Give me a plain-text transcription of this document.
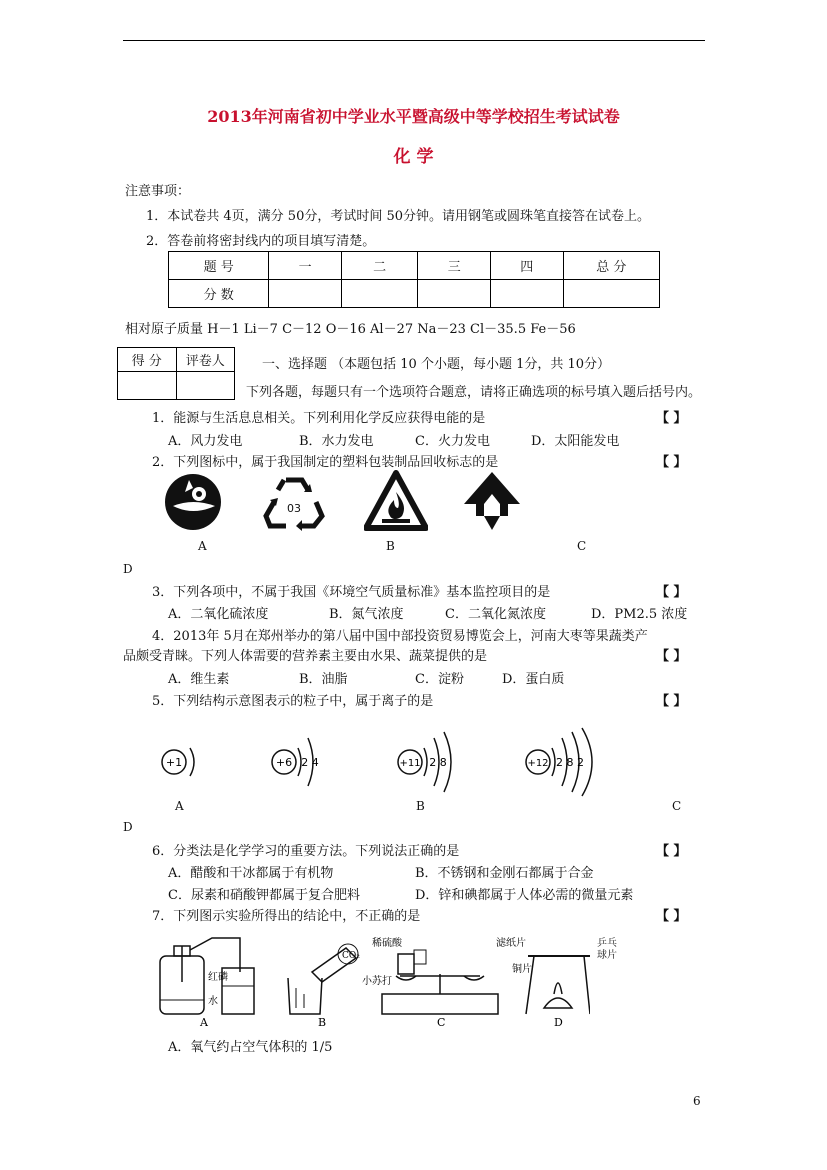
2013年河南省初中学业水平暨高级中等学校招生考试试卷
化 学
注意事项：
1．本试卷共 4页，满分 50分，考试时间 50分钟。请用钢笔或圆珠笔直接答在试卷上。
2．答卷前将密封线内的项目填写清楚。
题 号	一	二	三	四	总 分
分 数					
相对原子质量 H－1 Li－7 C－12 O－16 Al－27 Na－23 Cl－35.5 Fe－56
得 分	评卷人
		一、选择题 （本题包括 10 个小题，每小题 1分，共 10分）
下列各题，每题只有一个选项符合题意，请将正确选项的标号填入题后括号内。
1．能源与生活息息相关。下列利用化学反应获得电能的是	【 】
A．风力发电	B．水力发电	C．火力发电	D．太阳能发电
2．下列图标中，属于我国制定的塑料包装制品回收标志的是	【 】
03
A	B	C
D
3．下列各项中，不属于我国《环境空气质量标准》基本监控项目的是	【 】
A．二氧化硫浓度	B．氮气浓度	C．二氧化氮浓度	D．PM2.5 浓度
4．2013年 5月在郑州举办的第八届中国中部投资贸易博览会上，河南大枣等果蔬类产
品颇受青睐。下列人体需要的营养素主要由水果、蔬菜提供的是	【 】
A．维生素	B．油脂	C．淀粉	D．蛋白质
5．下列结构示意图表示的粒子中，属于离子的是	【 】
+1	+6 2 4	+11 2 8	+12 2 8 2
A	B	C
D
6．分类法是化学学习的重要方法。下列说法正确的是	【 】
A．醋酸和干冰都属于有机物	B．不锈钢和金刚石都属于合金
C．尿素和硝酸钾都属于复合肥料	D．锌和碘都属于人体必需的微量元素
7．下列图示实验所得出的结论中，不正确的是	【 】
红磷
水
A
CO₂
B
稀硫酸
小苏打
C
滤纸片
铜片
D
乒乓球片
A．氧气约占空气体积的 1/5
6
